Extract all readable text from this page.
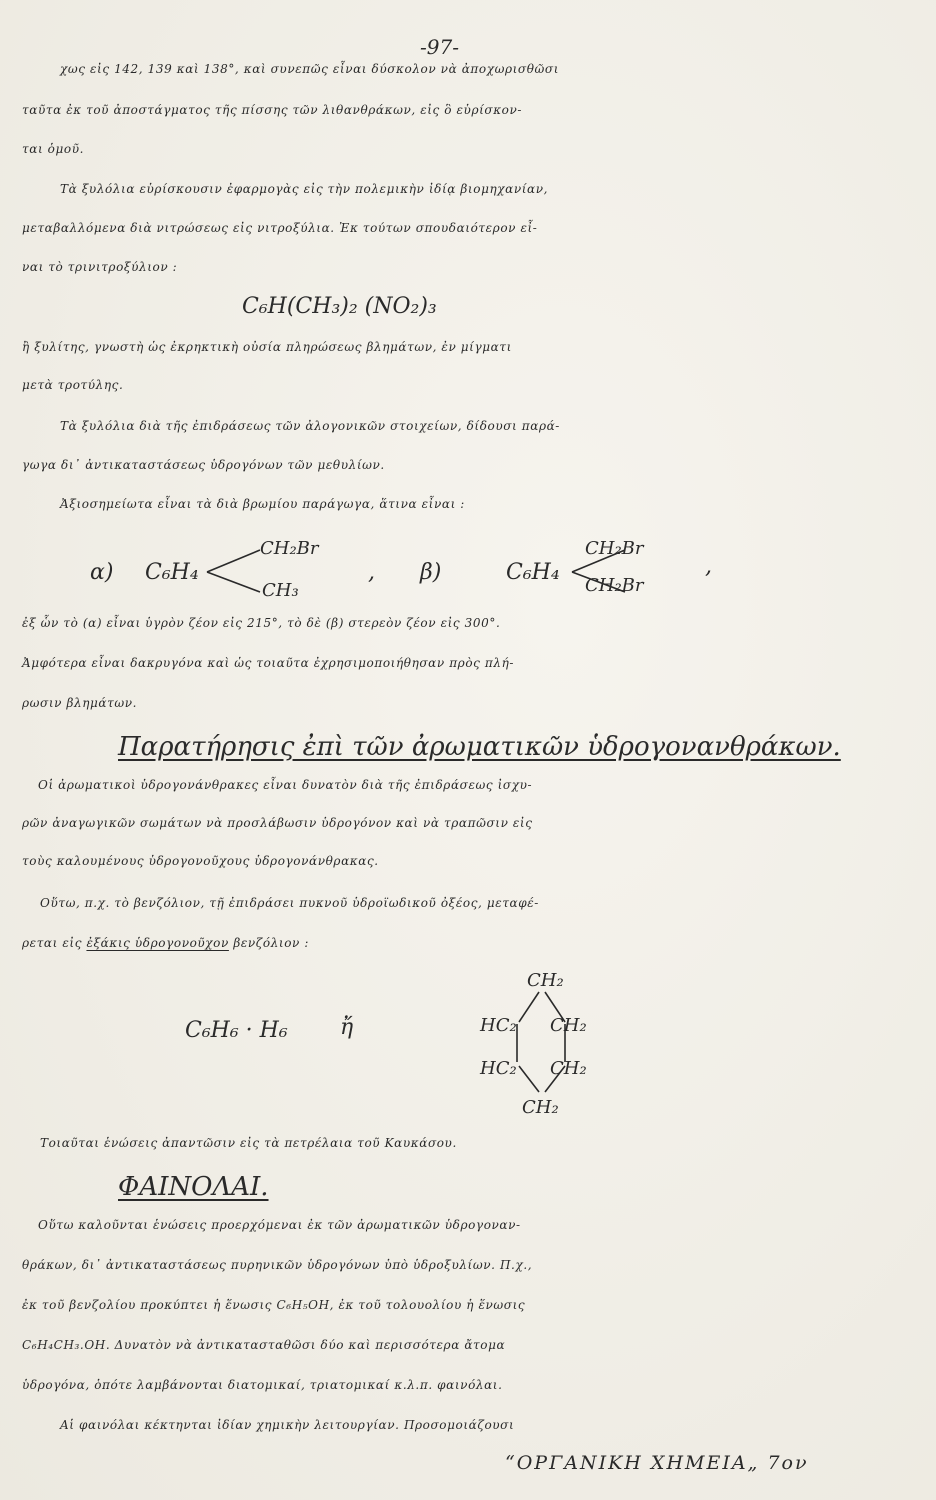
-97-
χως εἰς 142, 139 καὶ 138°, καὶ συνεπῶς εἶναι δύσκολον νὰ ἀποχωρισθῶσι
ταῦτα ἐκ τοῦ ἀποστάγματος τῆς πίσσης τῶν λιθανθράκων, εἰς ὃ εὑρίσκον-
ται ὁμοῦ.
Τὰ ξυλόλια εὑρίσκουσιν ἐφαρμογὰς εἰς τὴν πολεμικὴν ἰδίᾳ βιομηχανίαν,
μεταβαλλόμενα διὰ νιτρώσεως εἰς νιτροξύλια. Ἐκ τούτων σπουδαιότερον εἶ-
ναι τὸ τρινιτροξύλιον :
C₆H(CH₃)₂ (NO₂)₃
ἢ ξυλίτης, γνωστὴ ὡς ἐκρηκτικὴ οὐσία πληρώσεως βλημάτων, ἐν μίγματι
μετὰ τροτύλης.
Τὰ ξυλόλια διὰ τῆς ἐπιδράσεως τῶν ἀλογονικῶν στοιχείων, δίδουσι παρά-
γωγα δι᾽ ἀντικαταστάσεως ὑδρογόνων τῶν μεθυλίων.
Ἀξιοσημείωτα εἶναι τὰ διὰ βρωμίου παράγωγα, ἅτινα εἶναι :
α) C₆H₄
CH₂Br
CH₃
, β)	C₆H₄
CH₂Br
CH₂Br
,
ἐξ ὧν τὸ (α) εἶναι ὑγρὸν ζέον εἰς 215°, τὸ δὲ (β) στερεὸν ζέον εἰς 300°.
Ἀμφότερα εἶναι δακρυγόνα καὶ ὡς τοιαῦτα ἐχρησιμοποιήθησαν πρὸς πλή-
ρωσιν βλημάτων.
Παρατήρησις ἐπὶ τῶν ἀρωματικῶν ὑδρογονανθράκων.
Οἱ ἀρωματικοὶ ὑδρογονάνθρακες εἶναι δυνατὸν διὰ τῆς ἐπιδράσεως ἰσχυ-
ρῶν ἀναγωγικῶν σωμάτων νὰ προσλάβωσιν ὑδρογόνον καὶ νὰ τραπῶσιν εἰς
τοὺς καλουμένους ὑδρογονοῦχους ὑδρογονάνθρακας.
Οὕτω, π.χ. τὸ βενζόλιον, τῇ ἐπιδράσει πυκνοῦ ὑδροϊωδικοῦ ὀξέος, μεταφέ-
ρεται εἰς ἐξάκις ὑδρογονοῦχον βενζόλιον :
C₆H₆ · H₆ ἤ
CH₂
HC₂ CH₂
HC₂ CH₂
CH₂
Τοιαῦται ἑνώσεις ἀπαντῶσιν εἰς τὰ πετρέλαια τοῦ Καυκάσου.
ΦΑΙΝΟΛΑΙ.
Οὕτω καλοῦνται ἑνώσεις προερχόμεναι ἐκ τῶν ἀρωματικῶν ὑδρογοναν-
θράκων, δι᾽ ἀντικαταστάσεως πυρηνικῶν ὑδρογόνων ὑπὸ ὑδροξυλίων. Π.χ.,
ἐκ τοῦ βενζολίου προκύπτει ἡ ἕνωσις C₆H₅OH, ἐκ τοῦ τολουολίου ἡ ἕνωσις
C₆H₄CH₃.OH. Δυνατὸν νὰ ἀντικατασταθῶσι δύο καὶ περισσότερα ἄτομα
ὑδρογόνα, ὁπότε λαμβάνονται διατομικαί, τριατομικαί κ.λ.π. φαινόλαι.
Αἱ φαινόλαι κέκτηνται ἰδίαν χημικὴν λειτουργίαν. Προσομοιάζουσι
“ΟΡΓΑΝΙΚΗ ΧΗΜΕΙΑ„ 7ον
